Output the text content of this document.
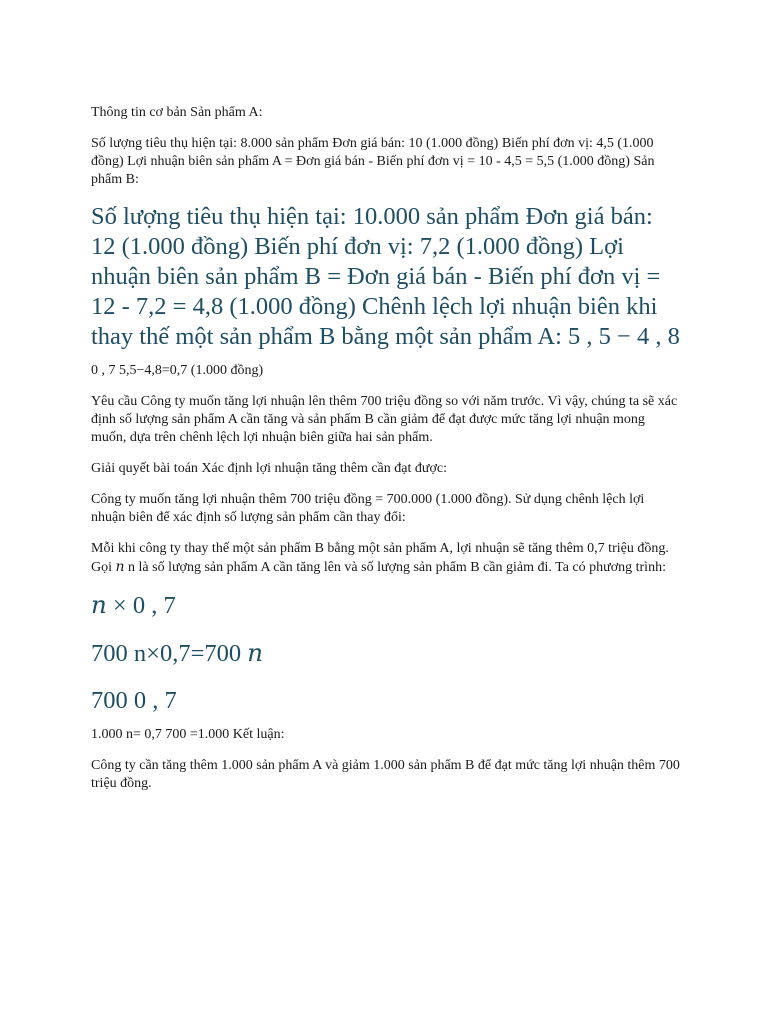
Thông tin cơ bản Sản phẩm A:

Số lượng tiêu thụ hiện tại: 8.000 sản phẩm Đơn giá bán: 10 (1.000 đồng) Biến phí đơn vị: 4,5 (1.000 đồng) Lợi nhuận biên sản phẩm A = Đơn giá bán - Biến phí đơn vị = 10 - 4,5 = 5,5 (1.000 đồng) Sản phẩm B:

Số lượng tiêu thụ hiện tại: 10.000 sản phẩm Đơn giá bán: 12 (1.000 đồng) Biến phí đơn vị: 7,2 (1.000 đồng) Lợi nhuận biên sản phẩm B = Đơn giá bán - Biến phí đơn vị = 12 - 7,2 = 4,8 (1.000 đồng) Chênh lệch lợi nhuận biên khi thay thế một sản phẩm B bằng một sản phẩm A: 5 , 5 − 4 , 8

0 , 7 5,5−4,8=0,7 (1.000 đồng)

Yêu cầu Công ty muốn tăng lợi nhuận lên thêm 700 triệu đồng so với năm trước. Vì vậy, chúng ta sẽ xác định số lượng sản phẩm A cần tăng và sản phẩm B cần giảm để đạt được mức tăng lợi nhuận mong muốn, dựa trên chênh lệch lợi nhuận biên giữa hai sản phẩm.

Giải quyết bài toán Xác định lợi nhuận tăng thêm cần đạt được:

Công ty muốn tăng lợi nhuận thêm 700 triệu đồng = 700.000 (1.000 đồng). Sử dụng chênh lệch lợi nhuận biên để xác định số lượng sản phẩm cần thay đổi:

Mỗi khi công ty thay thế một sản phẩm B bằng một sản phẩm A, lợi nhuận sẽ tăng thêm 0,7 triệu đồng. Gọi n n là số lượng sản phẩm A cần tăng lên và số lượng sản phẩm B cần giảm đi. Ta có phương trình:

n × 0 , 7

700 n×0,7=700 n

700 0 , 7

1.000 n= 0,7 700 =1.000 Kết luận:

Công ty cần tăng thêm 1.000 sản phẩm A và giảm 1.000 sản phẩm B để đạt mức tăng lợi nhuận thêm 700 triệu đồng.
